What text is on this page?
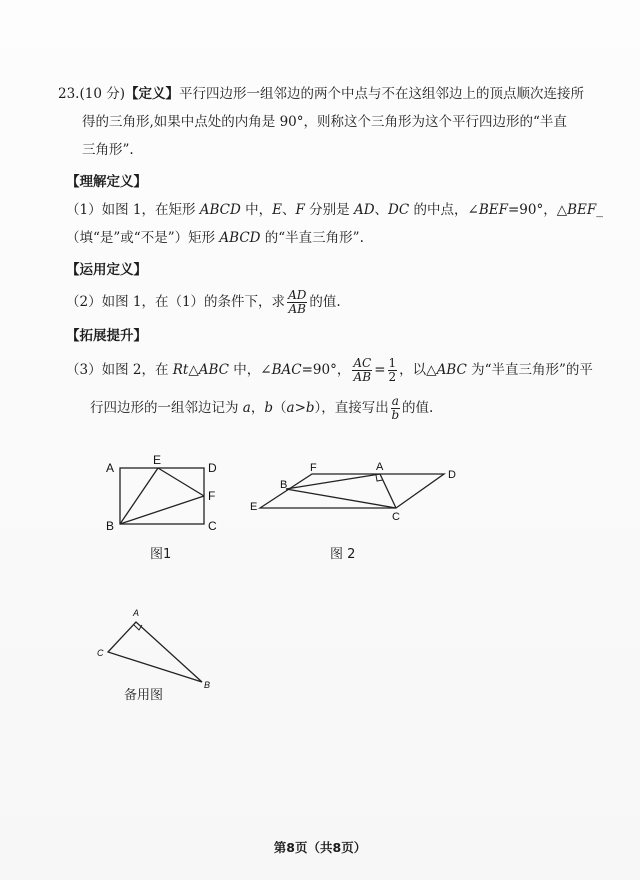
23.(10 分)【定义】平行四边形一组邻边的两个中点与不在这组邻边上的顶点顺次连接所
得的三角形,如果中点处的内角是 90°，则称这个三角形为这个平行四边形的“半直
三角形”.
【理解定义】
（1）如图 1，在矩形 ABCD 中，E、F 分别是 AD、DC 的中点，∠BEF=90°，△BEF_
（填“是”或“不是”）矩形 ABCD 的“半直三角形”.
【运用定义】
（2）如图 1，在（1）的条件下，求 $\frac{AD}{AB}$ 的值.
【拓展提升】
（3）如图 2，在 Rt△ABC 中，∠BAC=90°， $\frac{AC}{AB} = \frac{1}{2}$ ，以△ABC 为“半直三角形”的平
行四边形的一组邻边记为 a，b（a>b），直接写出 $\frac{a}{b}$ 的值.
A
E
D
F
B	C
图1
F	A
D
B
E
C
图 2
A
C
B
备用图
第8页（共8页）
